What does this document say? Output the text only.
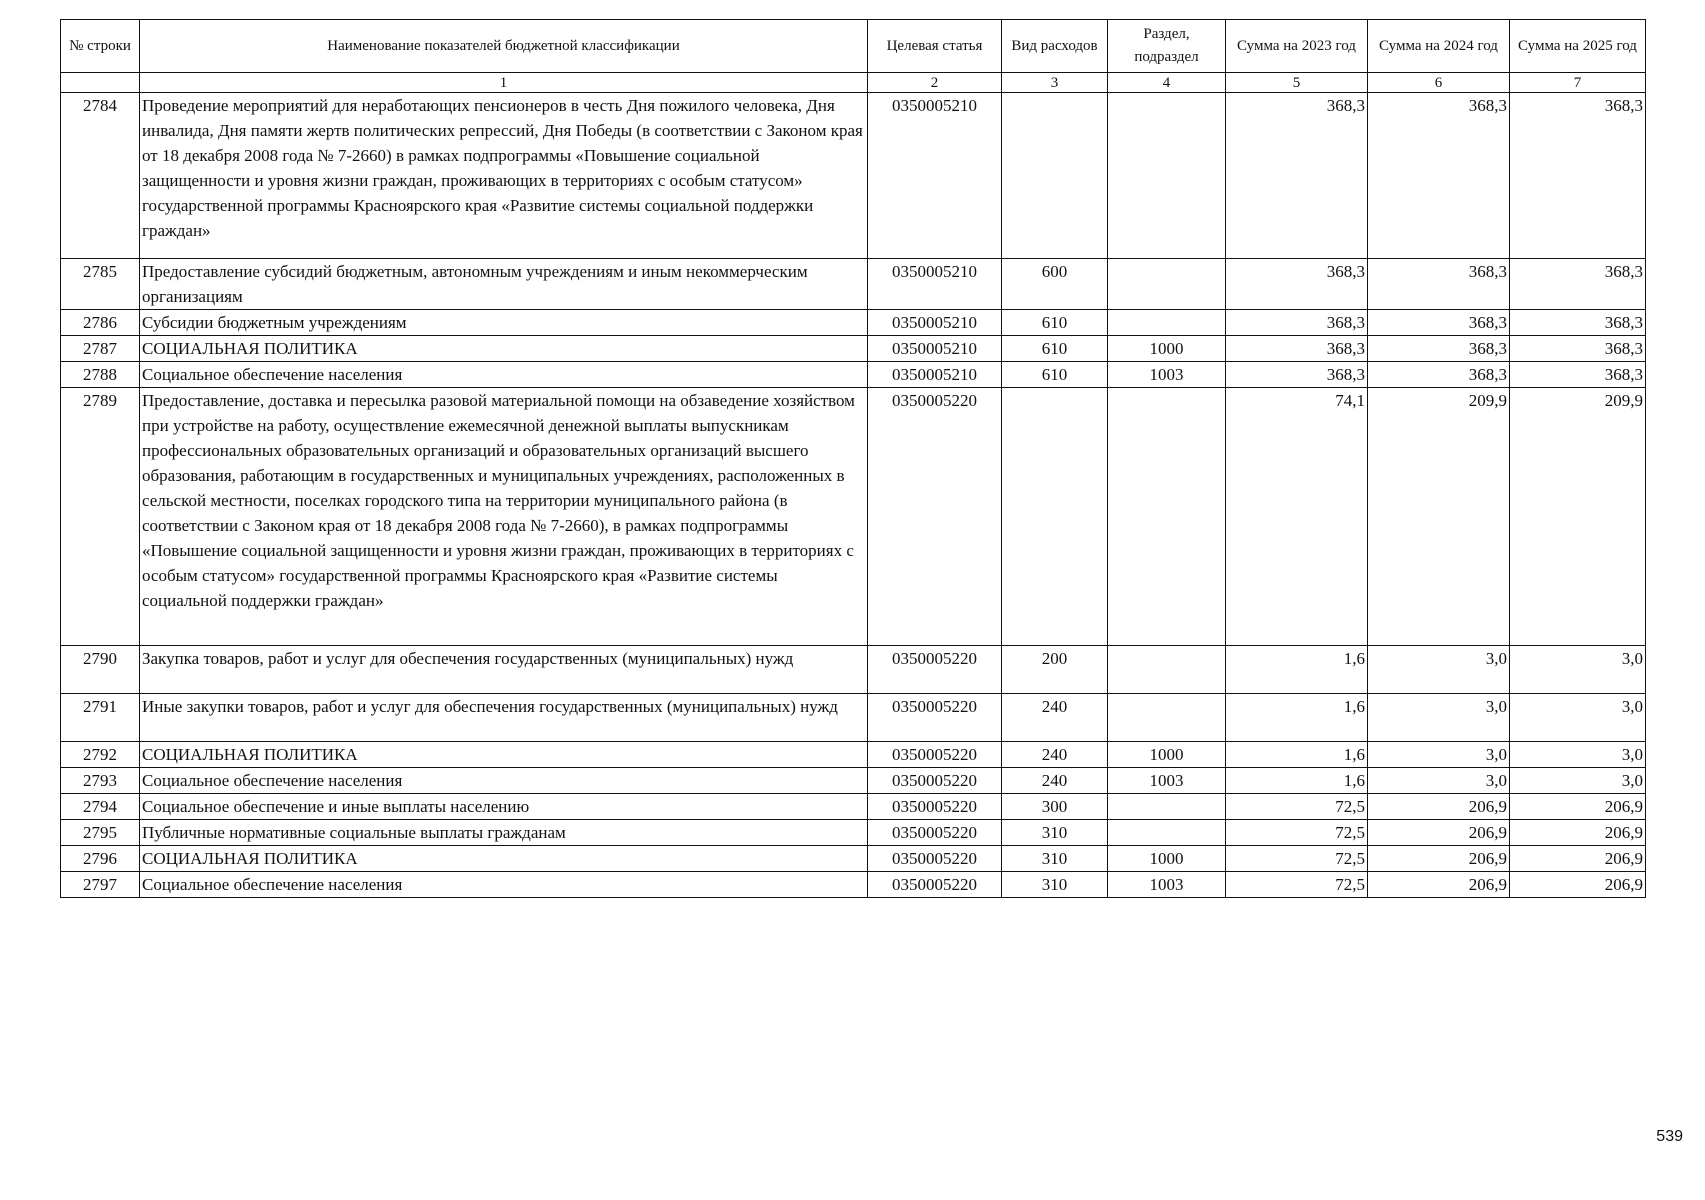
№ строки	Наименование показателей бюджетной классификации	Целевая статья	Вид расходов	Раздел, подраздел	Сумма на 2023 год	Сумма на 2024 год	Сумма на 2025 год
	1	2	3	4	5	6	7
2784	Проведение мероприятий для неработающих пенсионеров в честь Дня пожилого человека, Дня инвалида, Дня памяти жертв политических репрессий, Дня Победы (в соответствии с Законом края от 18 декабря 2008 года № 7-2660) в рамках подпрограммы «Повышение социальной защищенности и уровня жизни граждан, проживающих в территориях с особым статусом» государственной программы Красноярского края «Развитие системы социальной поддержки граждан»	0350005210			368,3	368,3	368,3
2785	Предоставление субсидий бюджетным, автономным учреждениям и иным некоммерческим организациям	0350005210	600		368,3	368,3	368,3
2786	Субсидии бюджетным учреждениям	0350005210	610		368,3	368,3	368,3
2787	СОЦИАЛЬНАЯ ПОЛИТИКА	0350005210	610	1000	368,3	368,3	368,3
2788	Социальное обеспечение населения	0350005210	610	1003	368,3	368,3	368,3
2789	Предоставление, доставка и пересылка разовой материальной помощи на обзаведение хозяйством при устройстве на работу, осуществление ежемесячной денежной выплаты выпускникам профессиональных образовательных организаций и образовательных организаций высшего образования, работающим в государственных и муниципальных учреждениях, расположенных в сельской местности, поселках городского типа на территории муниципального района (в соответствии с Законом края от 18 декабря 2008 года № 7-2660), в рамках подпрограммы «Повышение социальной защищенности и уровня жизни граждан, проживающих в территориях с особым статусом» государственной программы Красноярского края «Развитие системы социальной поддержки граждан»	0350005220			74,1	209,9	209,9
2790	Закупка товаров, работ и услуг для обеспечения государственных (муниципальных) нужд	0350005220	200		1,6	3,0	3,0
2791	Иные закупки товаров, работ и услуг для обеспечения государственных (муниципальных) нужд	0350005220	240		1,6	3,0	3,0
2792	СОЦИАЛЬНАЯ ПОЛИТИКА	0350005220	240	1000	1,6	3,0	3,0
2793	Социальное обеспечение населения	0350005220	240	1003	1,6	3,0	3,0
2794	Социальное обеспечение и иные выплаты населению	0350005220	300		72,5	206,9	206,9
2795	Публичные нормативные социальные выплаты гражданам	0350005220	310		72,5	206,9	206,9
2796	СОЦИАЛЬНАЯ ПОЛИТИКА	0350005220	310	1000	72,5	206,9	206,9
2797	Социальное обеспечение населения	0350005220	310	1003	72,5	206,9	206,9
539
